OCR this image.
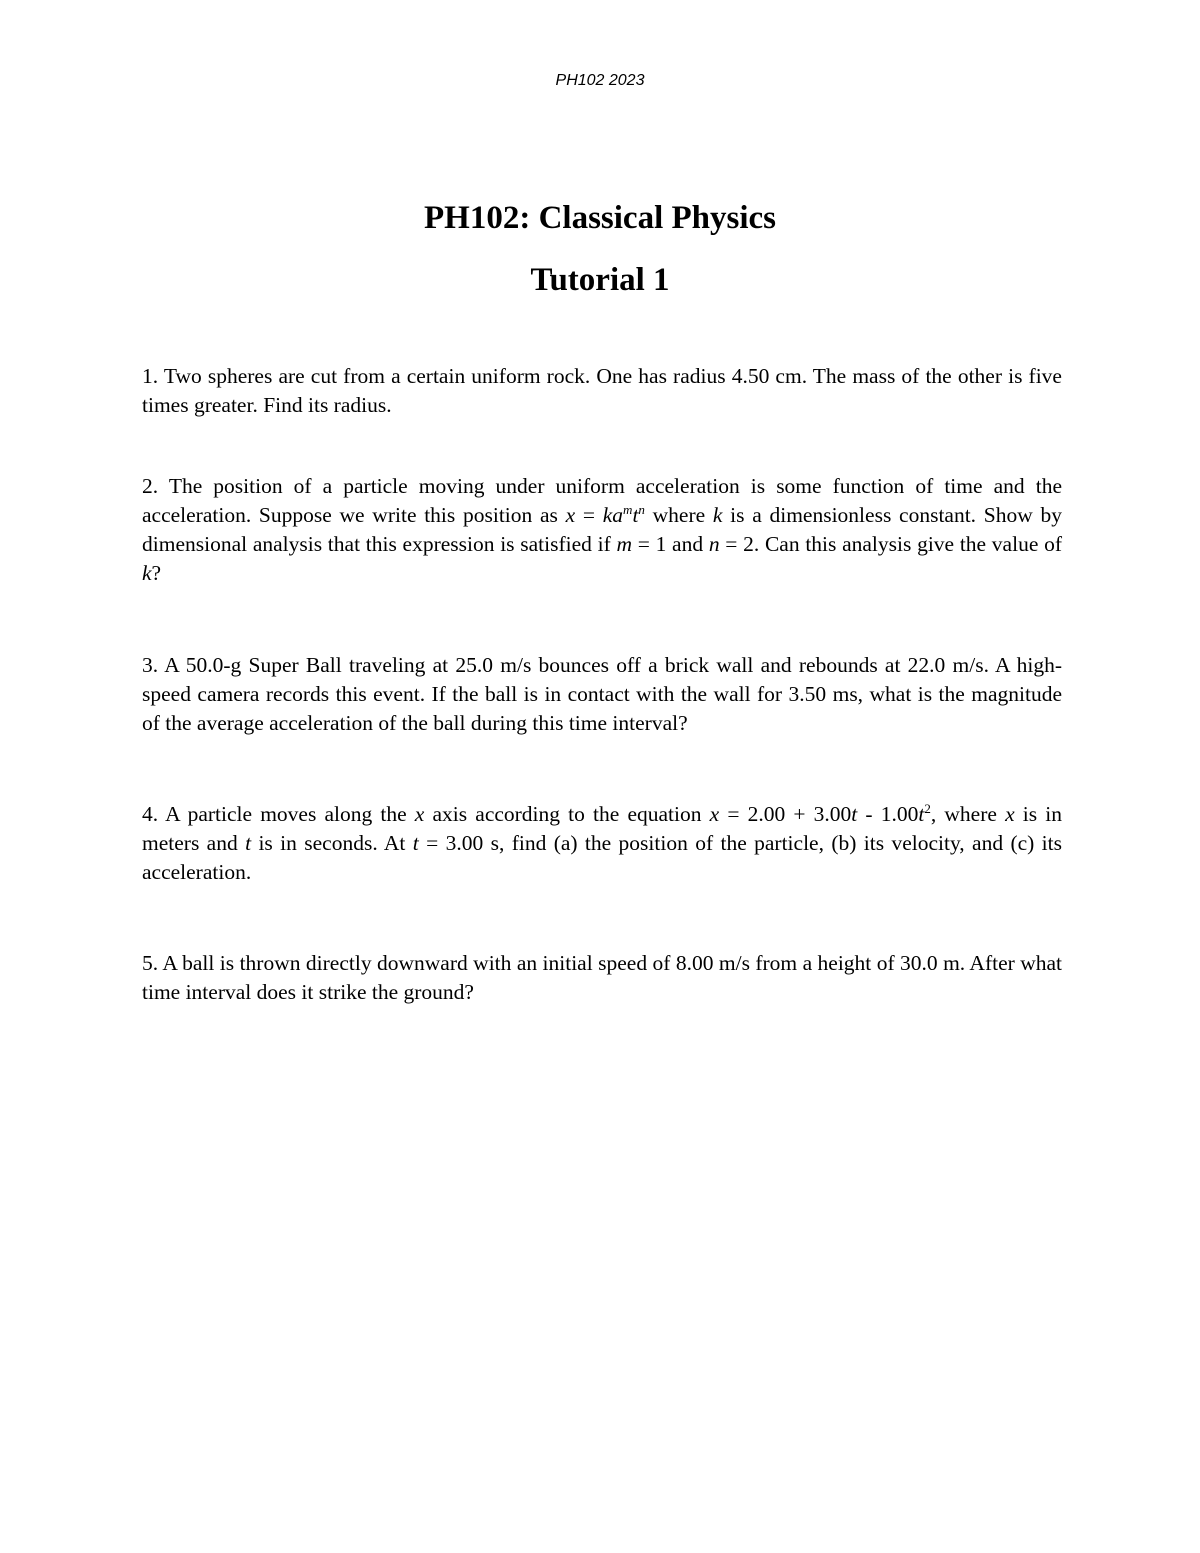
PH102 2023
PH102: Classical Physics
Tutorial 1

1. Two spheres are cut from a certain uniform rock. One has radius 4.50 cm. The mass of the other is five times greater. Find its radius.

2. The position of a particle moving under uniform acceleration is some function of time and the acceleration. Suppose we write this position as $x = ka^mt^n$ where k is a dimensionless constant. Show by dimensional analysis that this expression is satisfied if m = 1 and n = 2. Can this analysis give the value of k?

3. A 50.0-g Super Ball traveling at 25.0 m/s bounces off a brick wall and rebounds at 22.0 m/s. A high-speed camera records this event. If the ball is in contact with the wall for 3.50 ms, what is the magnitude of the average acceleration of the ball during this time interval?

4. A particle moves along the x axis according to the equation $x = 2.00 + 3.00t - 1.00t^2$, where x is in meters and t is in seconds. At t = 3.00 s, find (a) the position of the particle, (b) its velocity, and (c) its acceleration.

5. A ball is thrown directly downward with an initial speed of 8.00 m/s from a height of 30.0 m. After what time interval does it strike the ground?
